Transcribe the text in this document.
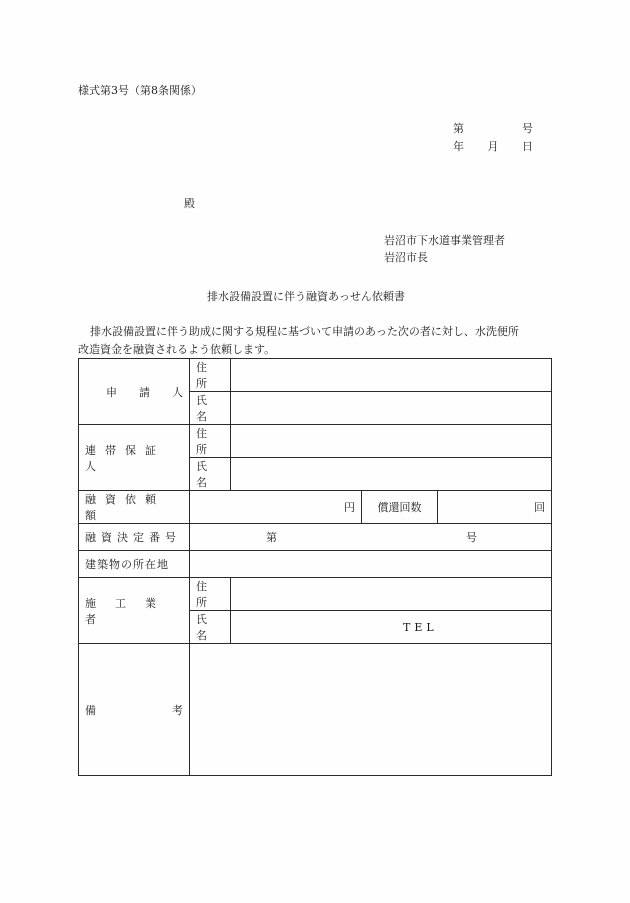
様式第3号（第8条関係）
第	号
年 月 日
殿
岩沼市下水道事業管理者
岩沼市長
排水設備設置に伴う融資あっせん依頼書
排水設備設置に伴う助成に関する規程に基づいて申請のあった次の者に対し、水洗便所
改造資金を融資されるよう依頼します。
申請人	住所			
	氏名			
連帯保証人	住所			
	氏名			
融資依頼額	円		償還回数	回
融資決定番号	第 号			

建築物の所在地				
施工業者	住所			
	氏名	TEL		

備考				
